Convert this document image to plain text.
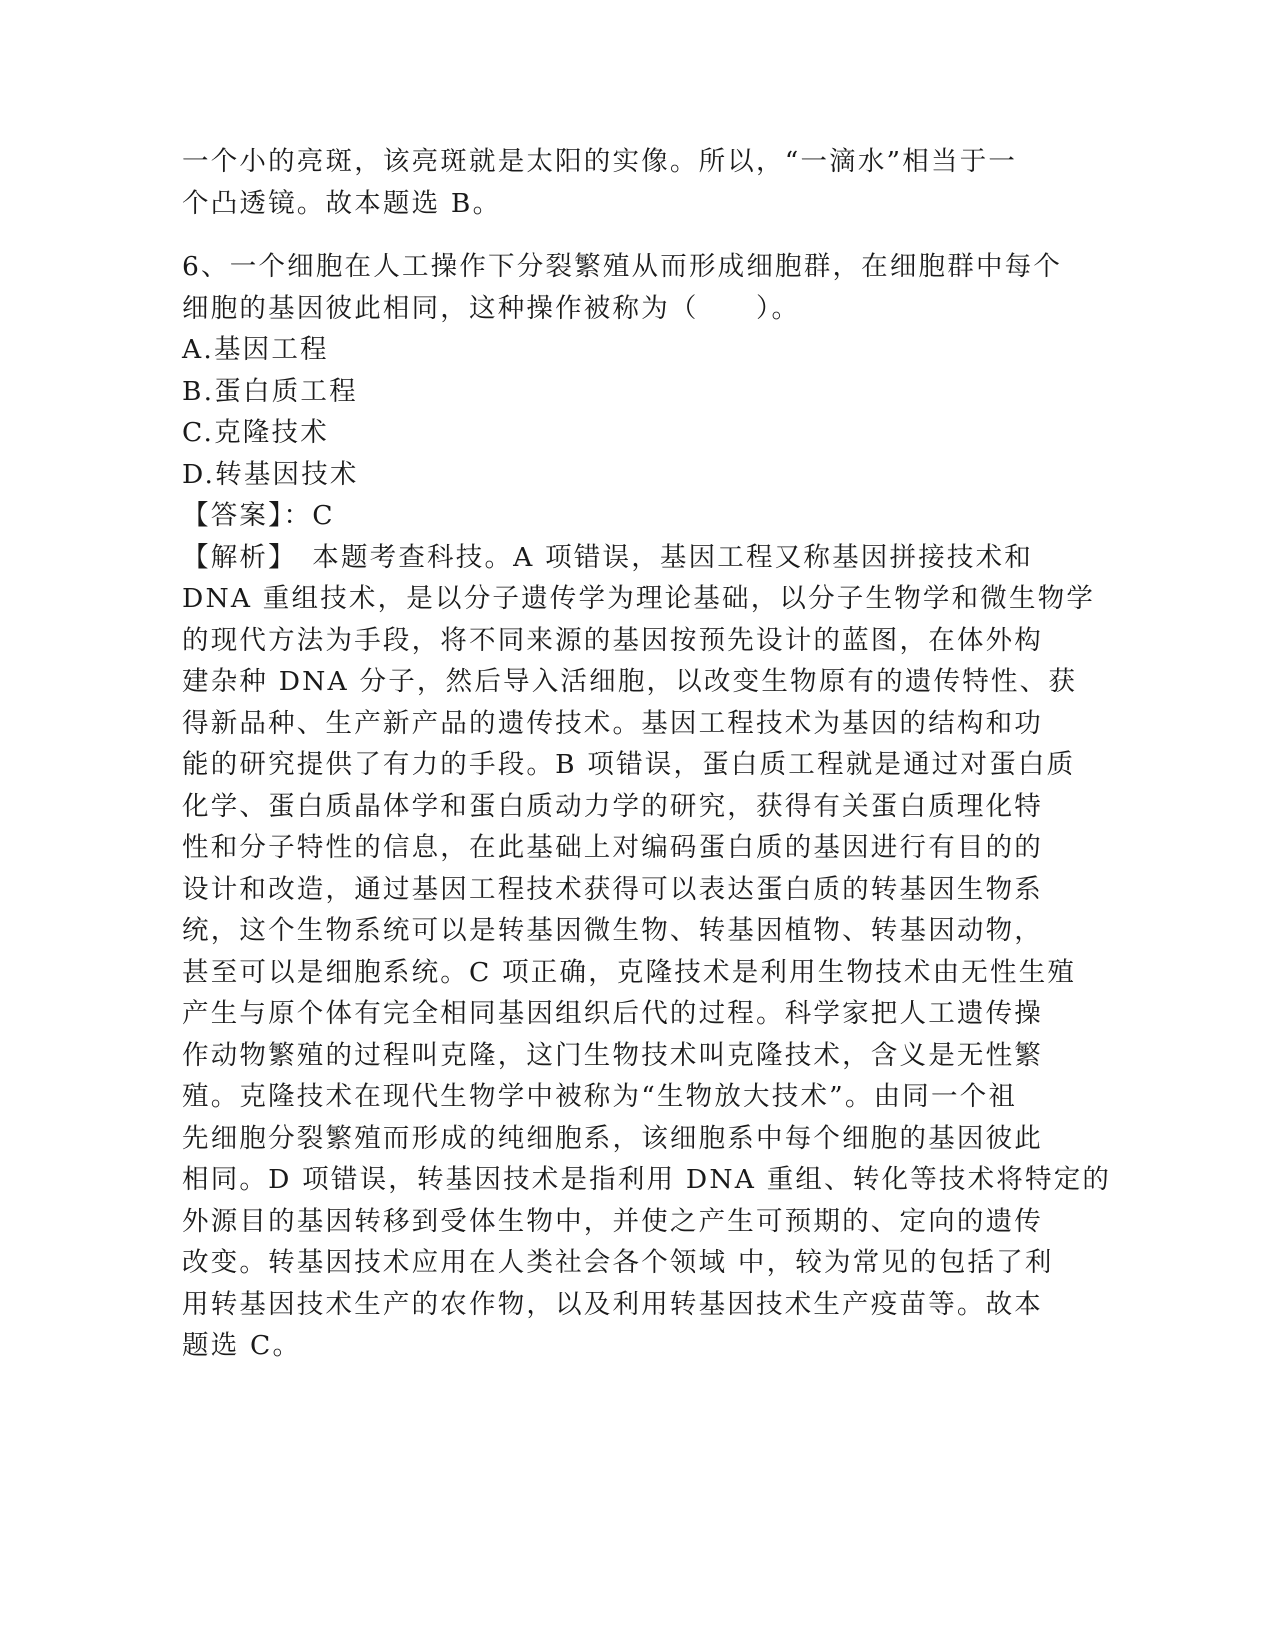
一个小的亮斑，该亮斑就是太阳的实像。所以，“一滴水”相当于一
个凸透镜。故本题选 B。
6、一个细胞在人工操作下分裂繁殖从而形成细胞群，在细胞群中每个
细胞的基因彼此相同，这种操作被称为（　　）。
A.基因工程
B.蛋白质工程
C.克隆技术
D.转基因技术
【答案】：C
【解析】　本题考查科技。A 项错误，基因工程又称基因拼接技术和
DNA 重组技术，是以分子遗传学为理论基础，以分子生物学和微生物学
的现代方法为手段，将不同来源的基因按预先设计的蓝图，在体外构
建杂种 DNA 分子，然后导入活细胞，以改变生物原有的遗传特性、获
得新品种、生产新产品的遗传技术。基因工程技术为基因的结构和功
能的研究提供了有力的手段。B 项错误，蛋白质工程就是通过对蛋白质
化学、蛋白质晶体学和蛋白质动力学的研究，获得有关蛋白质理化特
性和分子特性的信息，在此基础上对编码蛋白质的基因进行有目的的
设计和改造，通过基因工程技术获得可以表达蛋白质的转基因生物系
统，这个生物系统可以是转基因微生物、转基因植物、转基因动物，
甚至可以是细胞系统。C 项正确，克隆技术是利用生物技术由无性生殖
产生与原个体有完全相同基因组织后代的过程。科学家把人工遗传操
作动物繁殖的过程叫克隆，这门生物技术叫克隆技术，含义是无性繁
殖。克隆技术在现代生物学中被称为“生物放大技术”。由同一个祖
先细胞分裂繁殖而形成的纯细胞系，该细胞系中每个细胞的基因彼此
相同。D 项错误，转基因技术是指利用 DNA 重组、转化等技术将特定的
外源目的基因转移到受体生物中，并使之产生可预期的、定向的遗传
改变。转基因技术应用在人类社会各个领域 中，较为常见的包括了利
用转基因技术生产的农作物，以及利用转基因技术生产疫苗等。故本
题选 C。
